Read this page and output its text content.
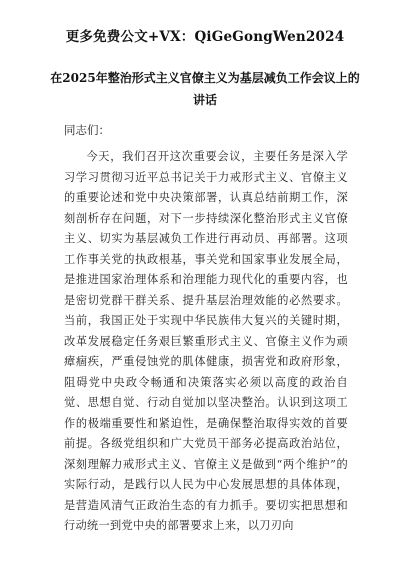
更多免费公文+VX：QiGeGongWen2024
在2025年整治形式主义官僚主义为基层减负工作会议上的讲话
同志们：

今天，我们召开这次重要会议，主要任务是深入学习学习贯彻习近平总书记关于力戒形式主义、官僚主义的重要论述和党中央决策部署，认真总结前期工作，深刻剖析存在问题，对下一步持续深化整治形式主义官僚主义、切实为基层减负工作进行再动员、再部署。这项工作事关党的执政根基，事关党和国家事业发展全局，是推进国家治理体系和治理能力现代化的重要内容，也是密切党群干群关系、提升基层治理效能的必然要求。当前，我国正处于实现中华民族伟大复兴的关键时期，改革发展稳定任务艰巨繁重形式主义、官僚主义作为顽瘴痼疾，严重侵蚀党的肌体健康，损害党和政府形象，阻碍党中央政令畅通和决策落实必须以高度的政治自觉、思想自觉、行动自觉加以坚决整治。认识到这项工作的极端重要性和紧迫性，是确保整治取得实效的首要前提。各级党组织和广大党员干部务必提高政治站位，深刻理解力戒形式主义、官僚主义是做到“两个维护”的实际行动，是践行以人民为中心发展思想的具体体现，是营造风清气正政治生态的有力抓手。要切实把思想和行动统一到党中央的部署要求上来，以刀刃向
